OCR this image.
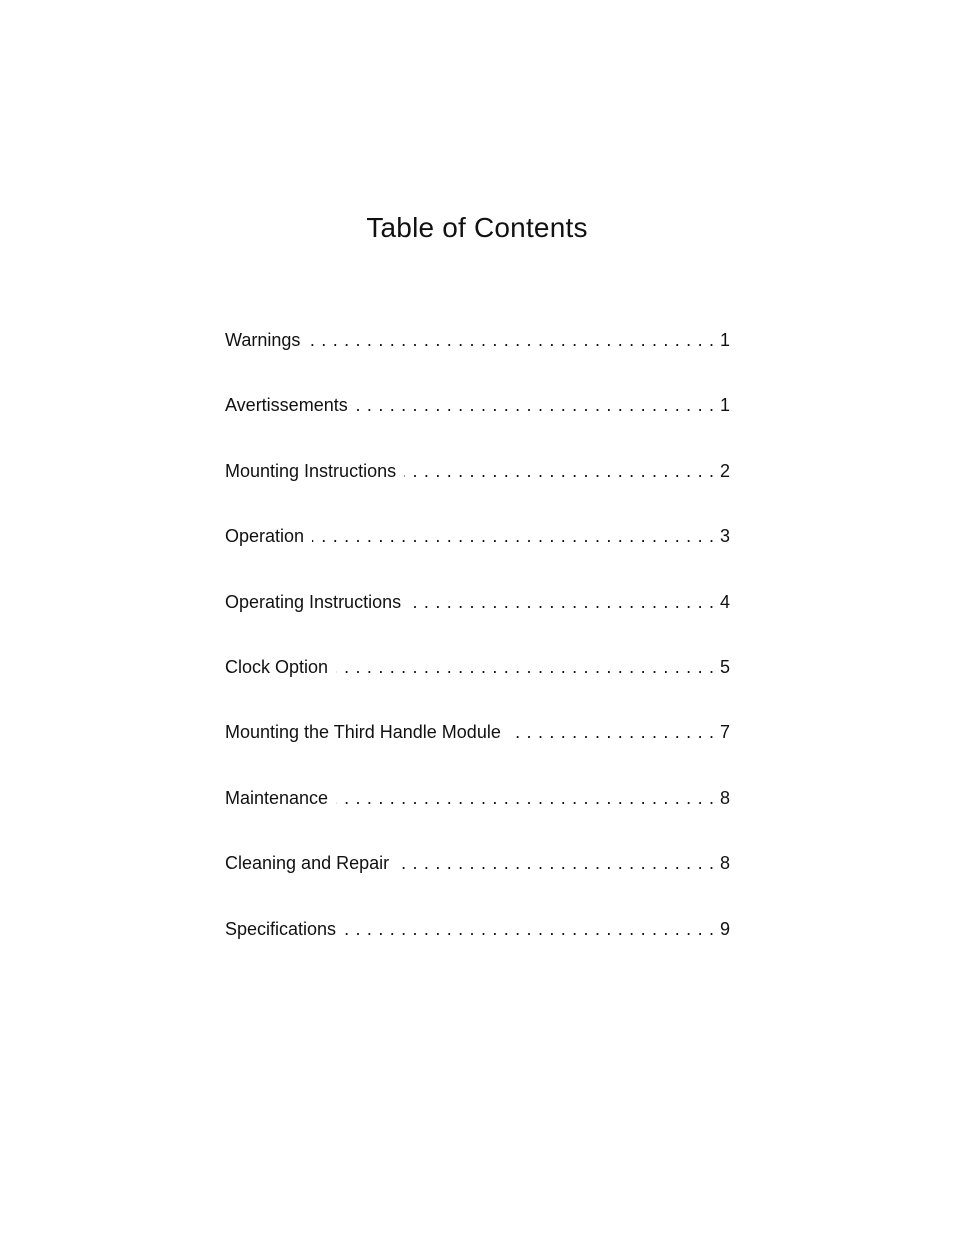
Table of Contents
Warnings . . .	1
Avertissements . . .	1
Mounting Instructions . . .	2
Operation . . .	3
Operating Instructions . . .	4
Clock Option . . .	5
Mounting the Third Handle Module . . .	7
Maintenance . . .	8
Cleaning and Repair . . .	8
Specifications . . .	9
